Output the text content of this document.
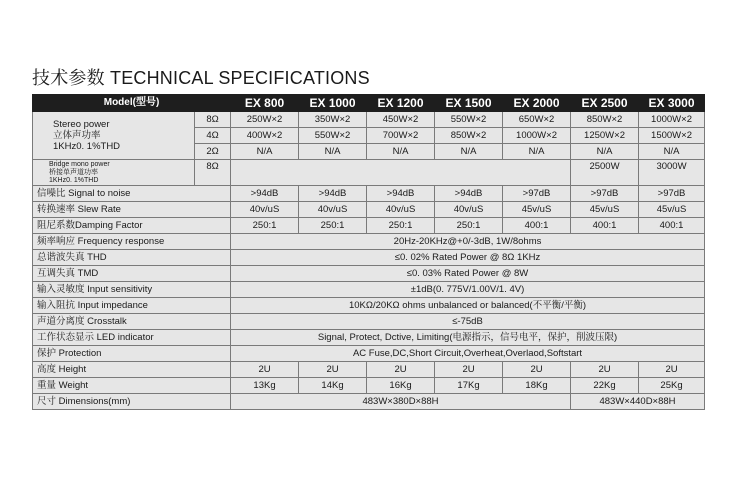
技术参数 TECHNICAL SPECIFICATIONS
Model(型号)		EX 800	EX 1000	EX 1200	EX 1500	EX 2000	EX 2500	EX 3000

Stereo power
立体声功率
1KHz0. 1%THD	8Ω	250W×2	350W×2	450W×2	550W×2	650W×2	850W×2	1000W×2
	4Ω	400W×2	550W×2	700W×2	850W×2	1000W×2	1250W×2	1500W×2
	2Ω	N/A	N/A	N/A	N/A	N/A	N/A	N/A

Bridge mono power
桥接单声道功率
1KHz0. 1%THD	8Ω						2500W	3000W
信噪比 Signal to noise		>94dB	>94dB	>94dB	>94dB	>97dB	>97dB	>97dB
转换速率 Slew Rate		40v/uS	40v/uS	40v/uS	40v/uS	45v/uS	45v/uS	45v/uS
阻尼系数Damping Factor		250:1	250:1	250:1	250:1	400:1	400:1	400:1
频率响应 Frequency response		20Hz-20KHz@+0/-3dB, 1W/8ohms						
总谐波失真 THD		≤0. 02% Rated Power @ 8Ω 1KHz						
互调失真 TMD		≤0. 03% Rated Power @ 8W						
输入灵敏度 Input sensitivity		±1dB(0. 775V/1.00V/1. 4V)						
输入阻抗 Input impedance		10KΩ/20KΩ ohms unbalanced or balanced(不平衡/平衡)						
声道分离度 Crosstalk		≤-75dB						
工作状态显示 LED indicator		Signal, Protect, Dctive, Limiting(电源指示，信号电平，保护，削波压限)						
保护 Protection		AC Fuse,DC,Short Circuit,Overheat,Overlaod,Softstart						
高度 Height		2U	2U	2U	2U	2U	2U	2U
重量 Weight		13Kg	14Kg	16Kg	17Kg	18Kg	22Kg	25Kg
尺寸 Dimensions(mm)		483W×380D×88H					483W×440D×88H	
